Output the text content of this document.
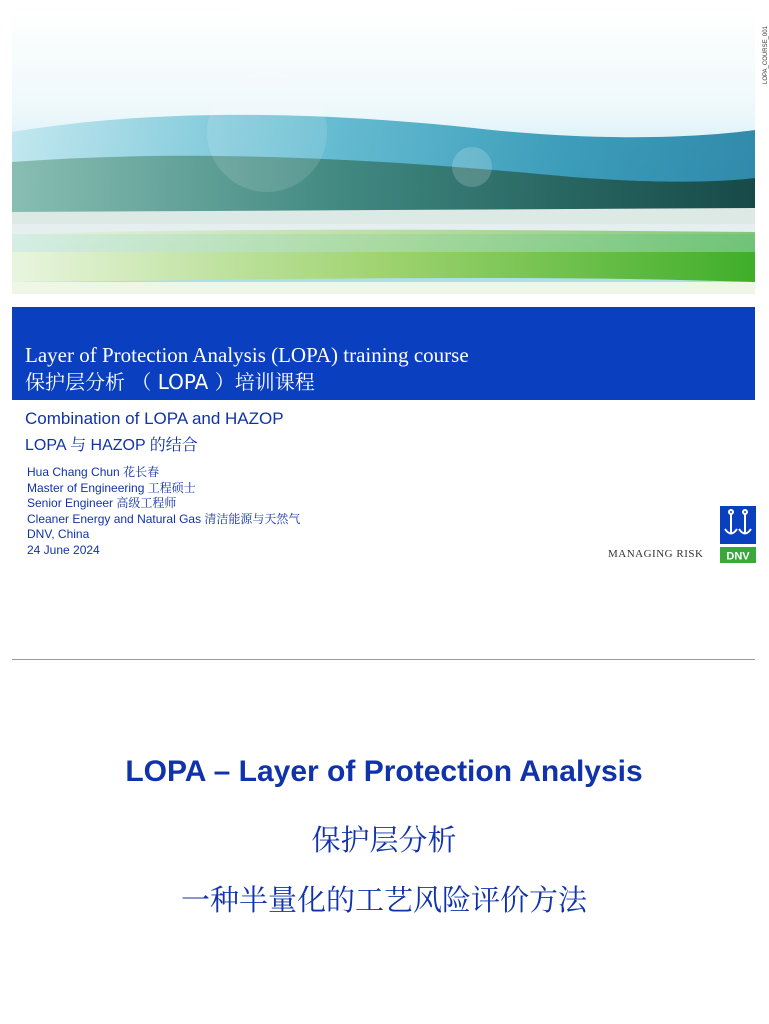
LOPA_COURSE_001
Layer of Protection Analysis (LOPA) training course
保护层分析 （ LOPA ）培训课程
Combination of LOPA and HAZOP
LOPA 与 HAZOP 的结合
Hua Chang Chun 花长春
Master of Engineering 工程硕士
Senior Engineer 高级工程师
Cleaner Energy and Natural Gas 清洁能源与天然气
DNV, China
24 June 2024	MANAGING RISK DNV
LOPA – Layer of Protection Analysis
保护层分析
一种半量化的工艺风险评价方法
